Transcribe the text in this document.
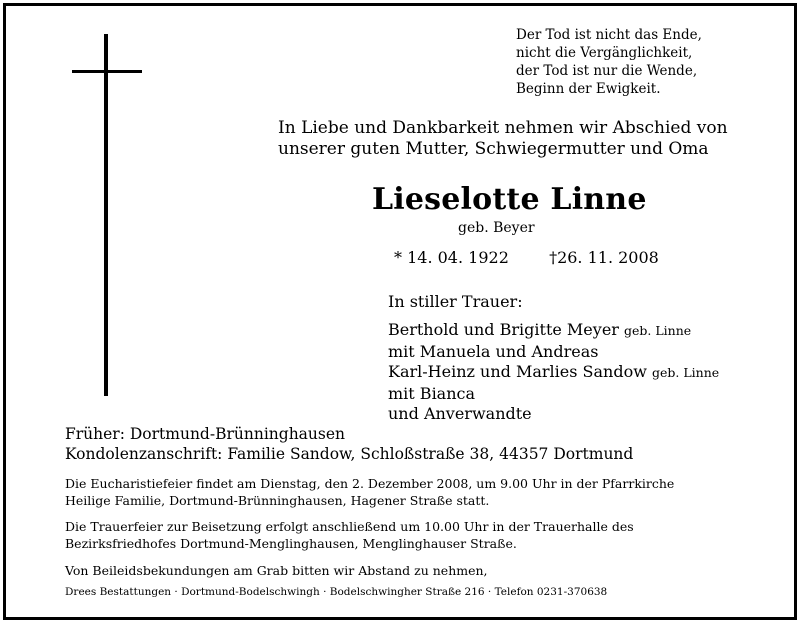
Der Tod ist nicht das Ende,
nicht die Vergänglichkeit,
der Tod ist nur die Wende,
Beginn der Ewigkeit.
In Liebe und Dankbarkeit nehmen wir Abschied von
unserer guten Mutter, Schwiegermutter und Oma
Lieselotte Linne
geb. Beyer
* 14. 04. 1922	†26. 11. 2008
In stiller Trauer:
Berthold und Brigitte Meyer geb. Linne
mit Manuela und Andreas
Karl-Heinz und Marlies Sandow geb. Linne
mit Bianca
und Anverwandte
Früher: Dortmund-Brünninghausen
Kondolenzanschrift: Familie Sandow, Schloßstraße 38, 44357 Dortmund
Die Eucharistiefeier findet am Dienstag, den 2. Dezember 2008, um 9.00 Uhr in der Pfarrkirche
Heilige Familie, Dortmund-Brünninghausen, Hagener Straße statt.
Die Trauerfeier zur Beisetzung erfolgt anschließend um 10.00 Uhr in der Trauerhalle des
Bezirksfriedhofes Dortmund-Menglinghausen, Menglinghauser Straße.
Von Beileidsbekundungen am Grab bitten wir Abstand zu nehmen,
Drees Bestattungen · Dortmund-Bodelschwingh · Bodelschwingher Straße 216 · Telefon 0231-370638
